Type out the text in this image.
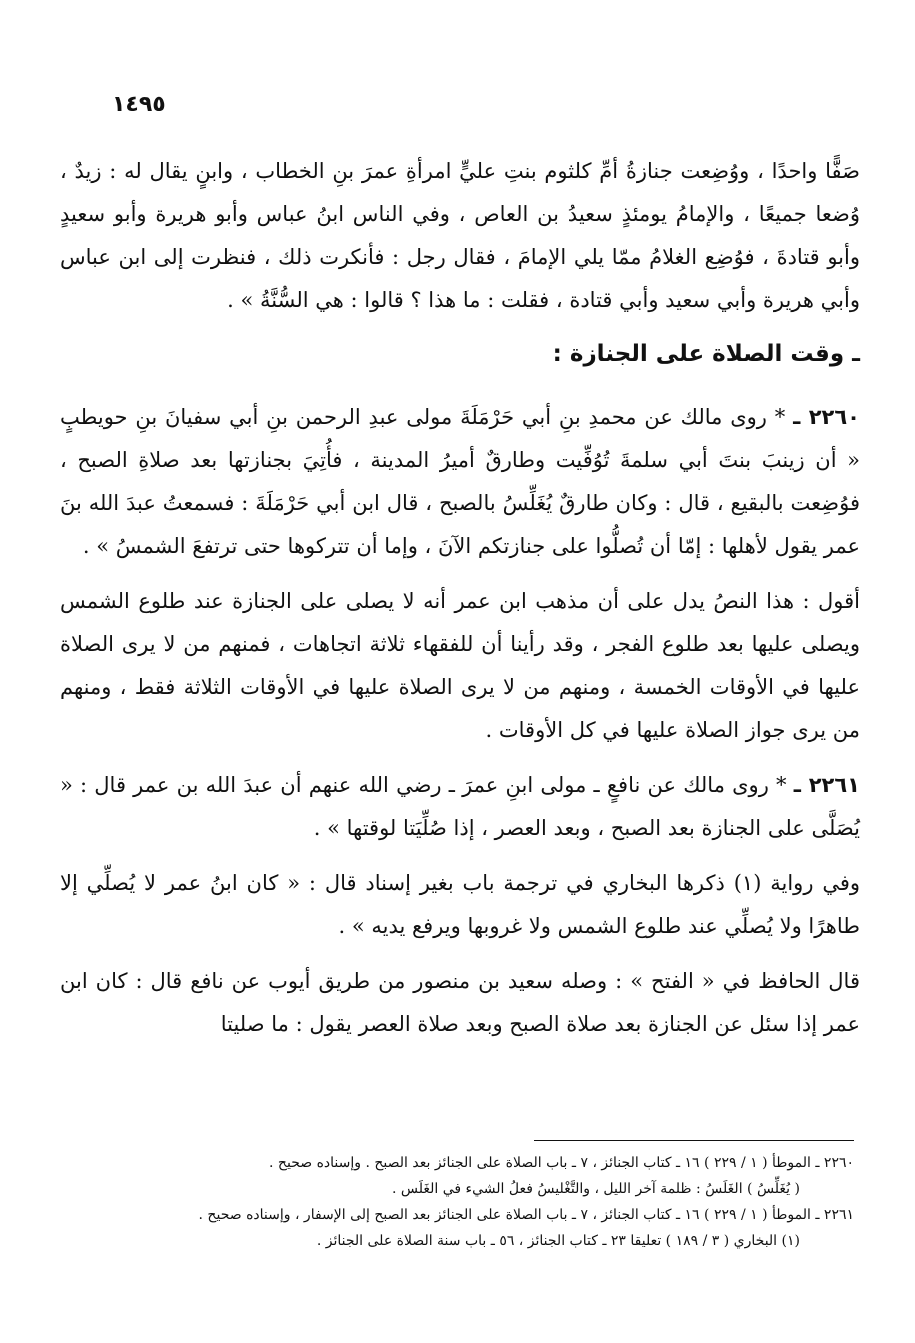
١٤٩٥

صَفًّا واحدًا ، ووُضِعت جنازةُ أمِّ كلثوم بنتِ عليٍّ امرأةِ عمرَ بنِ الخطاب ، وابنٍ يقال له : زيدٌ ، وُضعا جميعًا ، والإمامُ يومئذٍ سعيدُ بن العاص ، وفي الناس ابنُ عباس وأبو هريرة وأبو سعيدٍ وأبو قتادةَ ، فوُضِع الغلامُ ممّا يلي الإمامَ ، فقال رجل : فأنكرت ذلك ، فنظرت إلى ابن عباس وأبي هريرة وأبي سعيد وأبي قتادة ، فقلت : ما هذا ؟ قالوا : هي السُّنَّةُ » .

ـ وقت الصلاة على الجنازة :

٢٢٦٠ ـ * روى مالك عن محمدِ بنِ أبي حَرْمَلَةَ مولى عبدِ الرحمن بنِ أبي سفيانَ بنِ حويطبٍ « أن زينبَ بنتَ أبي سلمةَ تُوُفِّيت وطارقٌ أميرُ المدينة ، فأُتِيَ بجنازتها بعد صلاةِ الصبح ، فوُضِعت بالبقيع ، قال : وكان طارقٌ يُغَلِّسُ بالصبح ، قال ابن أبي حَرْمَلَةَ : فسمعتُ عبدَ الله بنَ عمر يقول لأهلها : إمّا أن تُصلُّوا على جنازتكم الآنَ ، وإما أن تتركوها حتى ترتفعَ الشمسُ » .

أقول : هذا النصُ يدل على أن مذهب ابن عمر أنه لا يصلى على الجنازة عند طلوع الشمس ويصلى عليها بعد طلوع الفجر ، وقد رأينا أن للفقهاء ثلاثة اتجاهات ، فمنهم من لا يرى الصلاة عليها في الأوقات الخمسة ، ومنهم من لا يرى الصلاة عليها في الأوقات الثلاثة فقط ، ومنهم من يرى جواز الصلاة عليها في كل الأوقات .

٢٢٦١ ـ * روى مالك عن نافعٍ ـ مولى ابنِ عمرَ ـ رضي الله عنهم أن عبدَ الله بن عمر قال : « يُصَلَّى على الجنازة بعد الصبح ، وبعد العصر ، إذا صُلِّيَتا لوقتها » .

وفي رواية (١) ذكرها البخاري في ترجمة باب بغير إسناد قال : « كان ابنُ عمر لا يُصلِّي إلا طاهرًا ولا يُصلِّي عند طلوع الشمس ولا غروبها ويرفع يديه » .

قال الحافظ في « الفتح » : وصله سعيد بن منصور من طريق أيوب عن نافع قال : كان ابن عمر إذا سئل عن الجنازة بعد صلاة الصبح وبعد صلاة العصر يقول : ما صليتا

٢٢٦٠ ـ الموطأ ( ١ / ٢٢٩ ) ١٦ ـ كتاب الجنائز ، ٧ ـ باب الصلاة على الجنائز بعد الصبح . وإسناده صحيح .

( يُغَلِّسُ ) الغَلَسُ : ظلمة آخر الليل ، والتَّغْليسُ فعلُ الشيء في الغَلَس .

٢٢٦١ ـ الموطأ ( ١ / ٢٢٩ ) ١٦ ـ كتاب الجنائز ، ٧ ـ باب الصلاة على الجنائز بعد الصبح إلى الإسفار ، وإسناده صحيح .

(١) البخاري ( ٣ / ١٨٩ ) تعليقا ٢٣ ـ كتاب الجنائز ، ٥٦ ـ باب سنة الصلاة على الجنائز .
